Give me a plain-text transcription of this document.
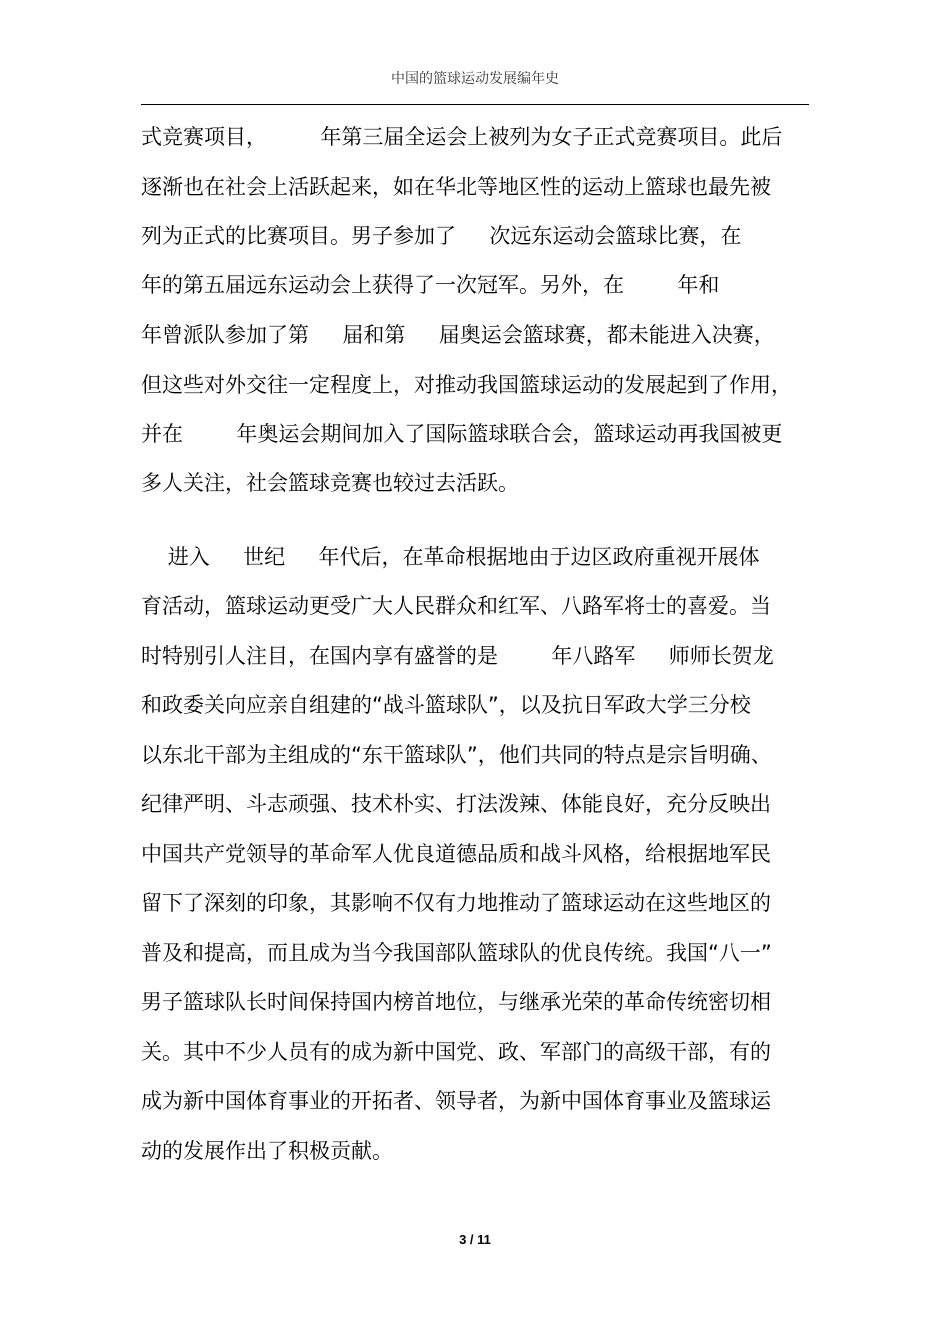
中国的篮球运动发展编年史
式竞赛项目，        年第三届全运会上被列为女子正式竞赛项目。此后
逐渐也在社会上活跃起来，如在华北等地区性的运动上篮球也最先被
列为正式的比赛项目。男子参加了     次远东运动会篮球比赛，在
年的第五届远东运动会上获得了一次冠军。另外，在        年和
年曾派队参加了第     届和第     届奥运会篮球赛，都未能进入决赛，
但这些对外交往一定程度上，对推动我国篮球运动的发展起到了作用，
并在        年奥运会期间加入了国际篮球联合会，篮球运动再我国被更
多人关注，社会篮球竞赛也较过去活跃。
进入     世纪     年代后，在革命根据地由于边区政府重视开展体
育活动，篮球运动更受广大人民群众和红军、八路军将士的喜爱。当
时特别引人注目，在国内享有盛誉的是        年八路军     师师长贺龙
和政委关向应亲自组建的“战斗篮球队”，以及抗日军政大学三分校
以东北干部为主组成的“东干篮球队”，他们共同的特点是宗旨明确、
纪律严明、斗志顽强、技术朴实、打法泼辣、体能良好，充分反映出
中国共产党领导的革命军人优良道德品质和战斗风格，给根据地军民
留下了深刻的印象，其影响不仅有力地推动了篮球运动在这些地区的
普及和提高，而且成为当今我国部队篮球队的优良传统。我国“八一”
男子篮球队长时间保持国内榜首地位，与继承光荣的革命传统密切相
关。其中不少人员有的成为新中国党、政、军部门的高级干部，有的
成为新中国体育事业的开拓者、领导者，为新中国体育事业及篮球运
动的发展作出了积极贡献。
3 / 11
